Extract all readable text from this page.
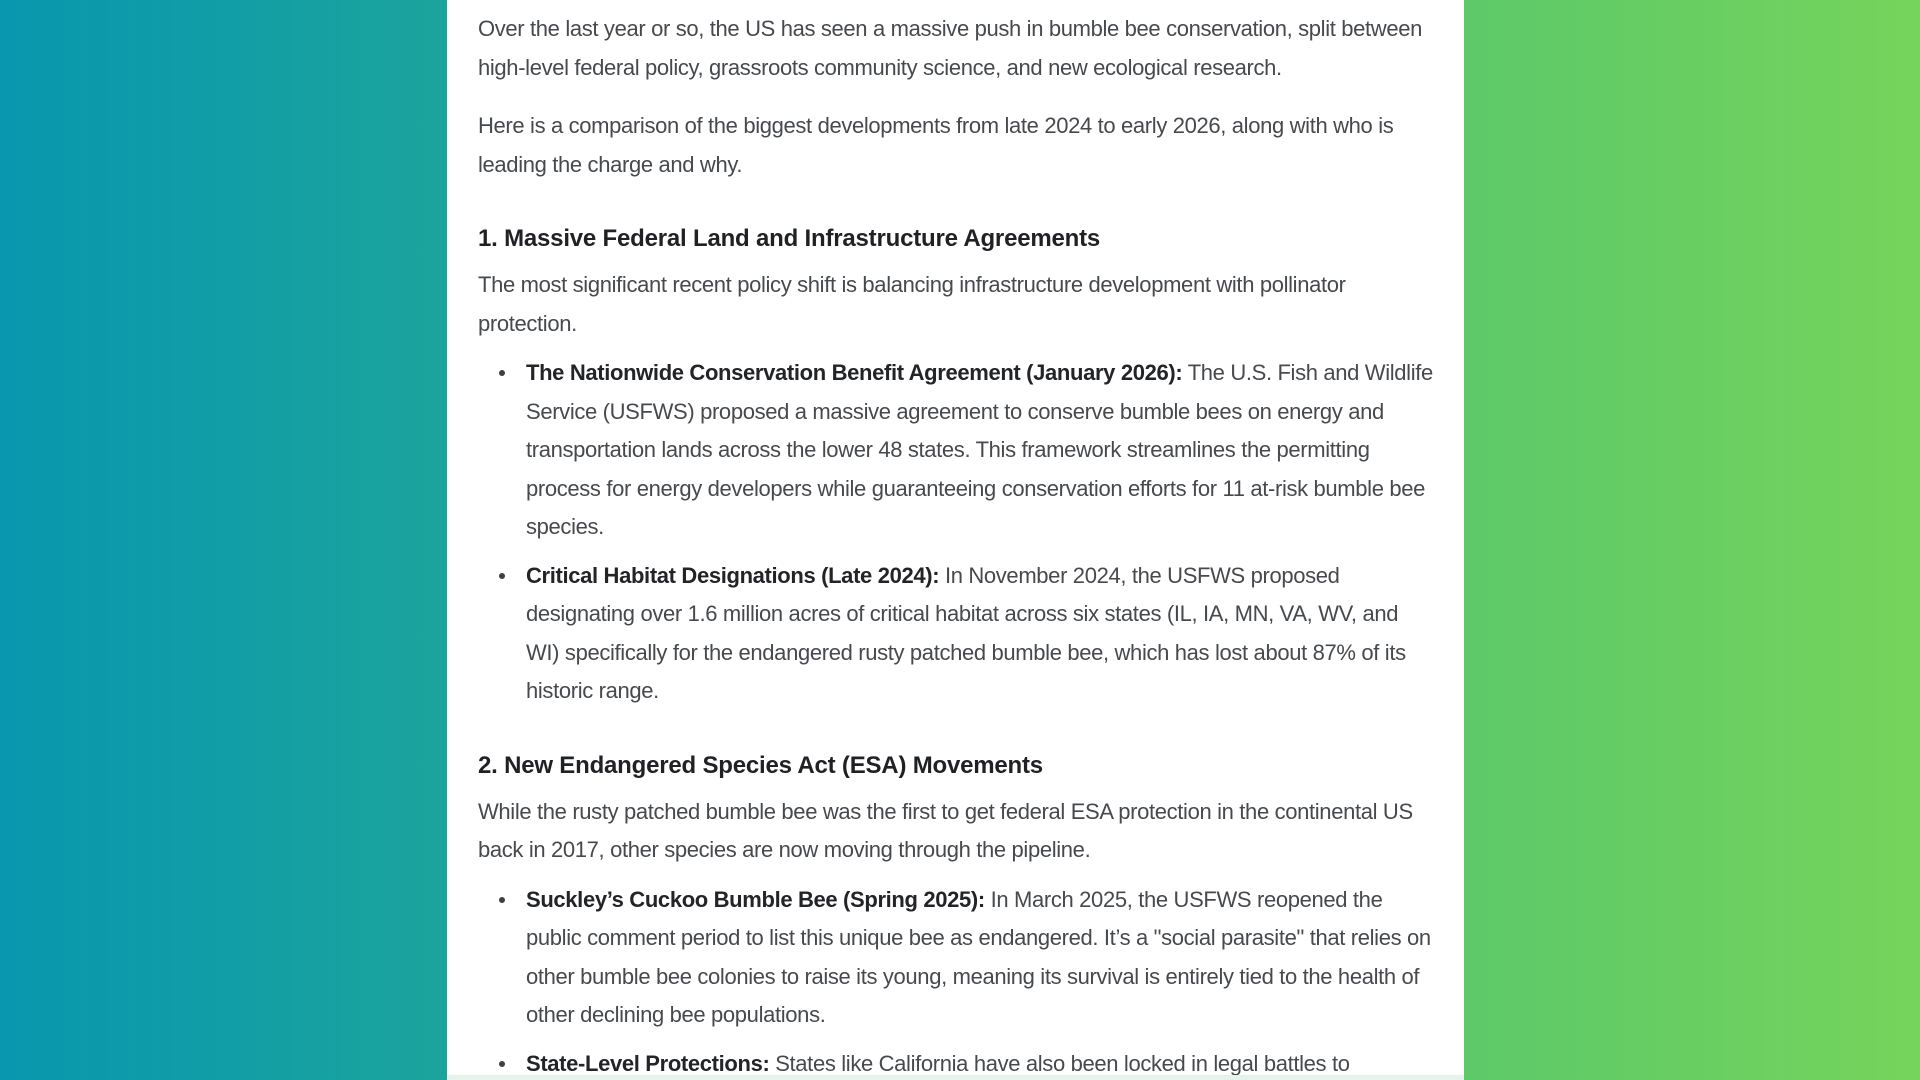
Over the last year or so, the US has seen a massive push in bumble bee conservation, split between high-level federal policy, grassroots community science, and new ecological research.

Here is a comparison of the biggest developments from late 2024 to early 2026, along with who is leading the charge and why.

1. Massive Federal Land and Infrastructure Agreements

The most significant recent policy shift is balancing infrastructure development with pollinator protection.

The Nationwide Conservation Benefit Agreement (January 2026): The U.S. Fish and Wildlife Service (USFWS) proposed a massive agreement to conserve bumble bees on energy and transportation lands across the lower 48 states. This framework streamlines the permitting process for energy developers while guaranteeing conservation efforts for 11 at-risk bumble bee species.
Critical Habitat Designations (Late 2024): In November 2024, the USFWS proposed designating over 1.6 million acres of critical habitat across six states (IL, IA, MN, VA, WV, and WI) specifically for the endangered rusty patched bumble bee, which has lost about 87% of its historic range.
2. New Endangered Species Act (ESA) Movements

While the rusty patched bumble bee was the first to get federal ESA protection in the continental US back in 2017, other species are now moving through the pipeline.

Suckley’s Cuckoo Bumble Bee (Spring 2025): In March 2025, the USFWS reopened the public comment period to list this unique bee as endangered. It’s a "social parasite" that relies on other bumble bee colonies to raise its young, meaning its survival is entirely tied to the health of other declining bee populations.
State-Level Protections: States like California have also been locked in legal battles to
